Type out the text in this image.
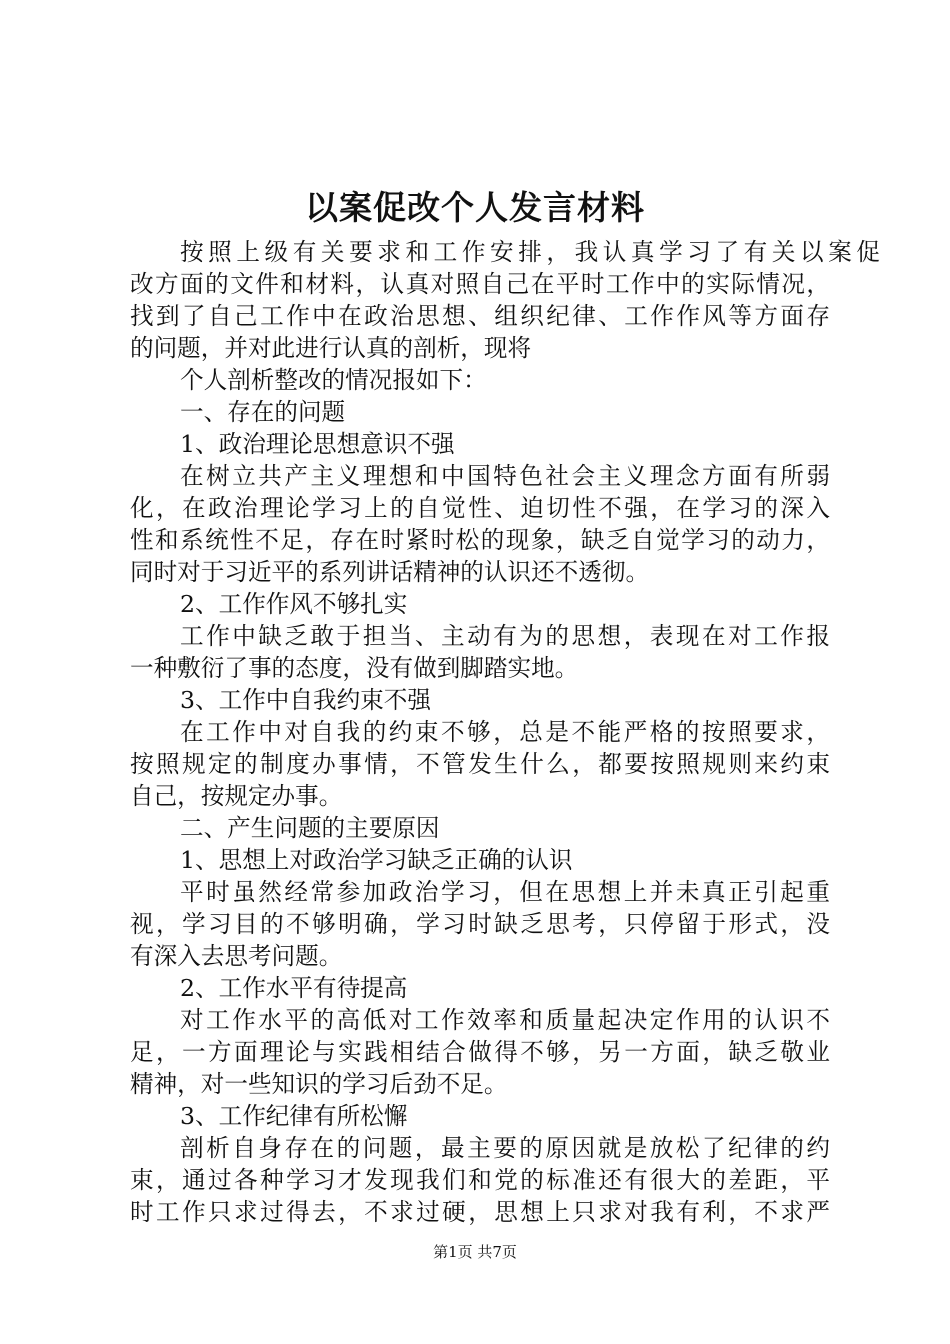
以案促改个人发言材料
按照上级有关要求和工作安排，我认真学习了有关以案促
改方面的文件和材料，认真对照自己在平时工作中的实际情况，
找到了自己工作中在政治思想、组织纪律、工作作风等方面存
的问题，并对此进行认真的剖析，现将
个人剖析整改的情况报如下：
一、存在的问题
1、政治理论思想意识不强
在树立共产主义理想和中国特色社会主义理念方面有所弱
化，在政治理论学习上的自觉性、迫切性不强，在学习的深入
性和系统性不足，存在时紧时松的现象，缺乏自觉学习的动力，
同时对于习近平的系列讲话精神的认识还不透彻。
2、工作作风不够扎实
工作中缺乏敢于担当、主动有为的思想，表现在对工作报
一种敷衍了事的态度，没有做到脚踏实地。
3、工作中自我约束不强
在工作中对自我的约束不够，总是不能严格的按照要求，
按照规定的制度办事情，不管发生什么，都要按照规则来约束
自己，按规定办事。
二、产生问题的主要原因
1、思想上对政治学习缺乏正确的认识
平时虽然经常参加政治学习，但在思想上并未真正引起重
视，学习目的不够明确，学习时缺乏思考，只停留于形式，没
有深入去思考问题。
2、工作水平有待提高
对工作水平的高低对工作效率和质量起决定作用的认识不
足，一方面理论与实践相结合做得不够，另一方面，缺乏敬业
精神，对一些知识的学习后劲不足。
3、工作纪律有所松懈
剖析自身存在的问题，最主要的原因就是放松了纪律的约
束，通过各种学习才发现我们和党的标准还有很大的差距，平
时工作只求过得去，不求过硬，思想上只求对我有利，不求严
第1页 共7页
